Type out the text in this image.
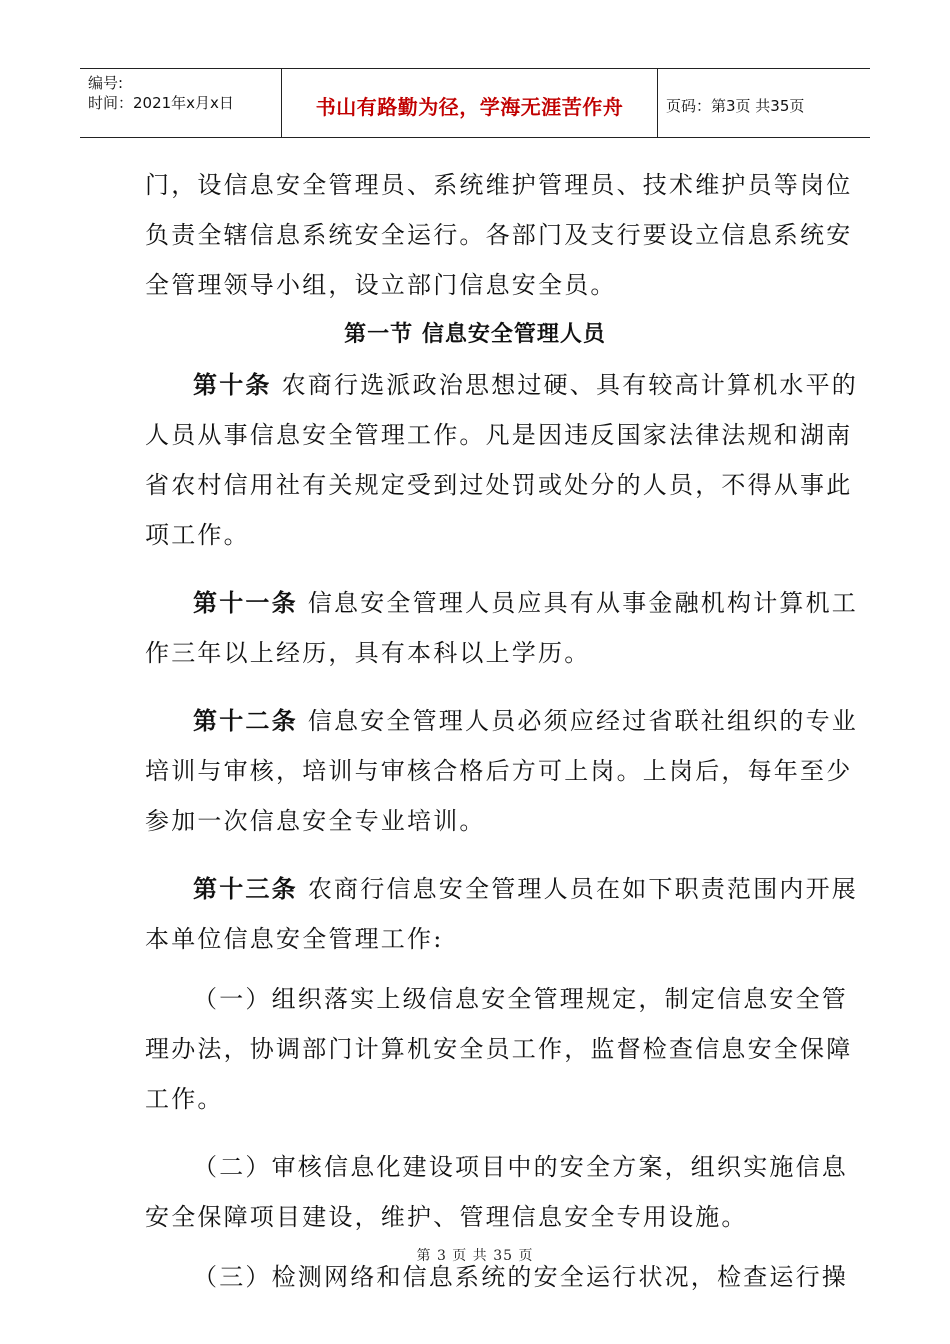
编号:
时间：2021年x月x日	书山有路勤为径，学海无涯苦作舟	页码：第3页 共35页
门，设信息安全管理员、系统维护管理员、技术维护员等岗位
负责全辖信息系统安全运行。各部门及支行要设立信息系统安
全管理领导小组，设立部门信息安全员。
第一节 信息安全管理人员
第十条 农商行选派政治思想过硬、具有较高计算机水平的
人员从事信息安全管理工作。凡是因违反国家法律法规和湖南
省农村信用社有关规定受到过处罚或处分的人员，不得从事此
项工作。
第十一条 信息安全管理人员应具有从事金融机构计算机工
作三年以上经历，具有本科以上学历。
第十二条 信息安全管理人员必须应经过省联社组织的专业
培训与审核，培训与审核合格后方可上岗。上岗后，每年至少
参加一次信息安全专业培训。
第十三条 农商行信息安全管理人员在如下职责范围内开展
本单位信息安全管理工作:
（一）组织落实上级信息安全管理规定，制定信息安全管
理办法，协调部门计算机安全员工作，监督检查信息安全保障
工作。
（二）审核信息化建设项目中的安全方案，组织实施信息
安全保障项目建设，维护、管理信息安全专用设施。
（三）检测网络和信息系统的安全运行状况，检查运行操
第 3 页 共 35 页
